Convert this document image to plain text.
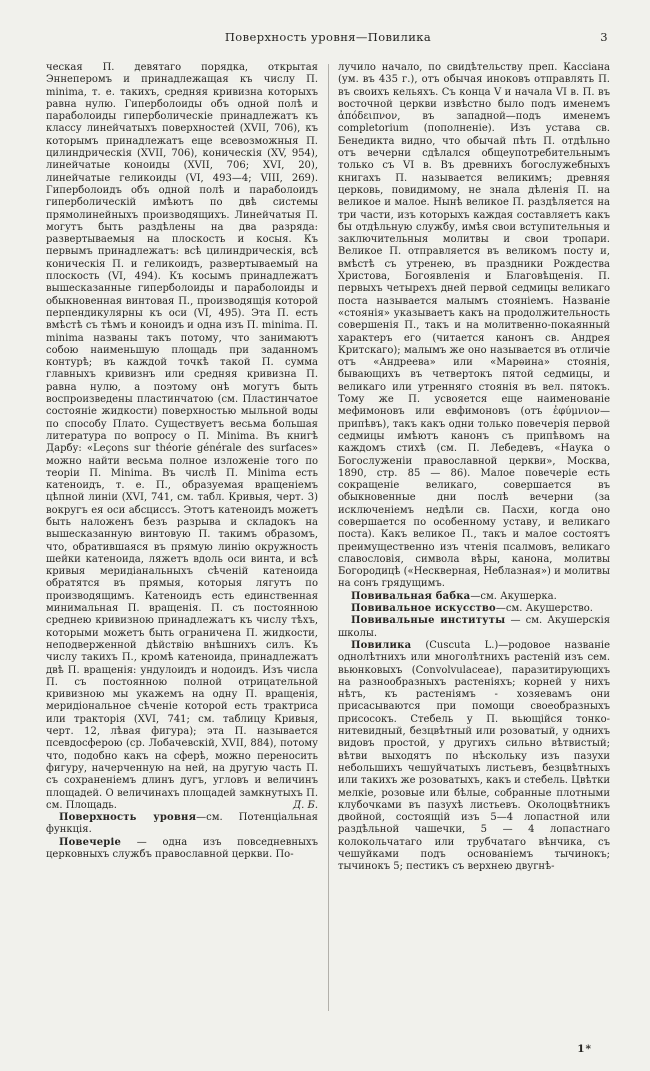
Поверхность уровня—Повилика	3

ческая П. девятаго порядка, открытая Эннеперомъ и принадлежащая къ числу П. minima, т. е. такихъ, средняя кривизна которыхъ равна нулю. Гиперболоиды объ одной полѣ и параболоиды гиперболическіе принадлежатъ къ классу линейчатыхъ поверхностей (XVII, 706), къ которымъ принадлежатъ еще всевозможныя П. цилиндрическія (XVII, 706), коническія (XV, 954), линейчатые коноиды (XVII, 706; XVI, 20), линейчатые геликоиды (VI, 493—4; VIII, 269). Гиперболоидъ объ одной полѣ и параболоидъ гиперболическій имѣютъ по двѣ системы прямолинейныхъ производящихъ. Линейчатыя П. могутъ быть раздѣлены на два разряда: развертываемыя на плоскость и косыя. Къ первымъ принадлежатъ: всѣ цилиндрическія, всѣ коническія П. и геликоидъ, развертываемый на плоскость (VI, 494). Къ косымъ принадлежатъ вышесказанные гиперболоиды и параболоиды и обыкновенная винтовая П., производящія которой перпендикулярны къ оси (VI, 495). Эта П. есть вмѣстѣ съ тѣмъ и коноидъ и одна изъ П. minima. П. minima названы такъ потому, что занимаютъ собою наименьшую площадь при заданномъ контурѣ; въ каждой точкѣ такой П. сумма главныхъ кривизнъ или средняя кривизна П. равна нулю, а поэтому онѣ могутъ быть воспроизведены пластинчатою (см. Пластинчатое состояніе жидкости) поверхностью мыльной воды по способу Плато. Существуетъ весьма большая литература по вопросу о П. Minima. Въ книгѣ Дарбу: «Leçons sur théorie générale des surfaces» можно найти весьма полное изложеніе того по теоріи П. Minima. Въ числѣ П. Minima есть катеноидъ, т. е. П., образуемая вращеніемъ цѣпной линіи (XVI, 741, см. табл. Кривыя, черт. 3) вокругъ ея оси абсциссъ. Этотъ катеноидъ можетъ быть наложенъ безъ разрыва и складокъ на вышесказанную винтовую П. такимъ образомъ, что, обратившаяся въ прямую линію окружность шейки катеноида, ляжетъ вдоль оси винта, и всѣ кривыя меридіанальныхъ сѣченій катеноида обратятся въ прямыя, которыя лягутъ по производящимъ. Катеноидъ есть единственная минимальная П. вращенія. П. съ постоянною среднею кривизною принадлежатъ къ числу тѣхъ, которыми можетъ быть ограничена П. жидкости, неподверженной дѣйствію внѣшнихъ силъ. Къ числу такихъ П., кромѣ катеноида, принадлежатъ двѣ П. вращенія: ундулоидъ и нодоидъ. Изъ числа П. съ постоянною полной отрицательной кривизною мы укажемъ на одну П. вращенія, меридіональное сѣченіе которой есть трактриса или тракторія (XVI, 741; см. таблицу Кривыя, черт. 12, лѣвая фигура); эта П. называется псевдосферою (ср. Лобачевскій, XVII, 884), потому что, подобно какъ на сферѣ, можно переносить фигуру, начерченную на ней, на другую часть П. съ сохраненіемъ длинъ дугъ, угловъ и величинъ площадей. О величинахъ площадей замкнутыхъ П. см. Площадь.	Д. Б.

Поверхность уровня—см. Потенціальная функція.

Повечеріе — одна изъ повседневныхъ церковныхъ службъ православной церкви. По-

лучило начало, по свидѣтельству преп. Кассіана (ум. въ 435 г.), отъ обычая иноковъ отправлять П. въ своихъ кельяхъ. Съ конца V и начала VI в. П. въ восточной церкви извѣстно было подъ именемъ ἀπόδειπνον, въ западной—подъ именемъ completorium (пополненіе). Изъ устава св. Бенедикта видно, что обычай пѣть П. отдѣльно отъ вечерни сдѣлался общеупотребительнымъ только съ VI в. Въ древнихъ богослужебныхъ книгахъ П. называется великимъ; древняя церковь, повидимому, не знала дѣленія П. на великое и малое. Нынѣ великое П. раздѣляется на три части, изъ которыхъ каждая составляетъ какъ бы отдѣльную службу, имѣя свои вступительныя и заключительныя молитвы и свои тропари. Великое П. отправляется въ великомъ посту и, вмѣстѣ съ утренею, въ праздники Рождества Христова, Богоявленія и Благовѣщенія. П. первыхъ четырехъ дней первой седмицы великаго поста называется малымъ стояніемъ. Названіе «стоянія» указываетъ какъ на продолжительность совершенія П., такъ и на молитвенно-покаянный характеръ его (читается канонъ св. Андрея Критскаго); малымъ же оно называется въ отличіе отъ «Андреева» или «Марѳина» стоянія, бывающихъ въ четвертокъ пятой седмицы, и великаго или утренняго стоянія въ вел. пятокъ. Тому же П. усвояется еще наименованіе мефимоновъ или евфимоновъ (отъ ἐφύμνιον—припѣвъ), такъ какъ одни только повечерія первой седмицы имѣютъ канонъ съ припѣвомъ на каждомъ стихѣ (см. П. Лебедевъ, «Наука о Богослуженіи православной церкви», Москва, 1890, стр. 85 — 86). Малое повечеріе есть сокращеніе великаго, совершается въ обыкновенные дни послѣ вечерни (за исключеніемъ недѣли св. Пасхи, когда оно совершается по особенному уставу, и великаго поста). Какъ великое П., такъ и малое состоятъ преимущественно изъ чтенія псалмовъ, великаго славословія, символа вѣры, канона, молитвы Богородицѣ («Нескверная, Неблазная») и молитвы на сонъ грядущимъ.

Повивальная бабка—см. Акушерка.

Повивальное искусство—см. Акушерство.

Повивальные институты — см. Акушерскія школы.

Повилика (Cuscuta L.)—родовое названіе однолѣтнихъ или многолѣтнихъ растеній изъ сем. вьюнковыхъ (Convolvulaceae), паразитирующихъ на разнообразныхъ растеніяхъ; корней у нихъ нѣтъ, къ растеніямъ - хозяевамъ они присасываются при помощи своеобразныхъ присосокъ. Стебель у П. вьющійся тонко-нитевидный, безцвѣтный или розоватый, у однихъ видовъ простой, у другихъ сильно вѣтвистый; вѣтви выходятъ по нѣскольку изъ пазухи небольшихъ чешуйчатыхъ листьевъ, безцвѣтныхъ или такихъ же розоватыхъ, какъ и стебель. Цвѣтки мелкіе, розовые или бѣлые, собранные плотными клубочками въ пазухѣ листьевъ. Околоцвѣтникъ двойной, состоящій изъ 5—4 лопастной или раздѣльной чашечки, 5 — 4 лопастнаго колокольчатаго или трубчатаго вѣнчика, съ чешуйками подъ основаніемъ тычинокъ; тычинокъ 5; пестикъ съ верхнею двугнѣ-

1*
